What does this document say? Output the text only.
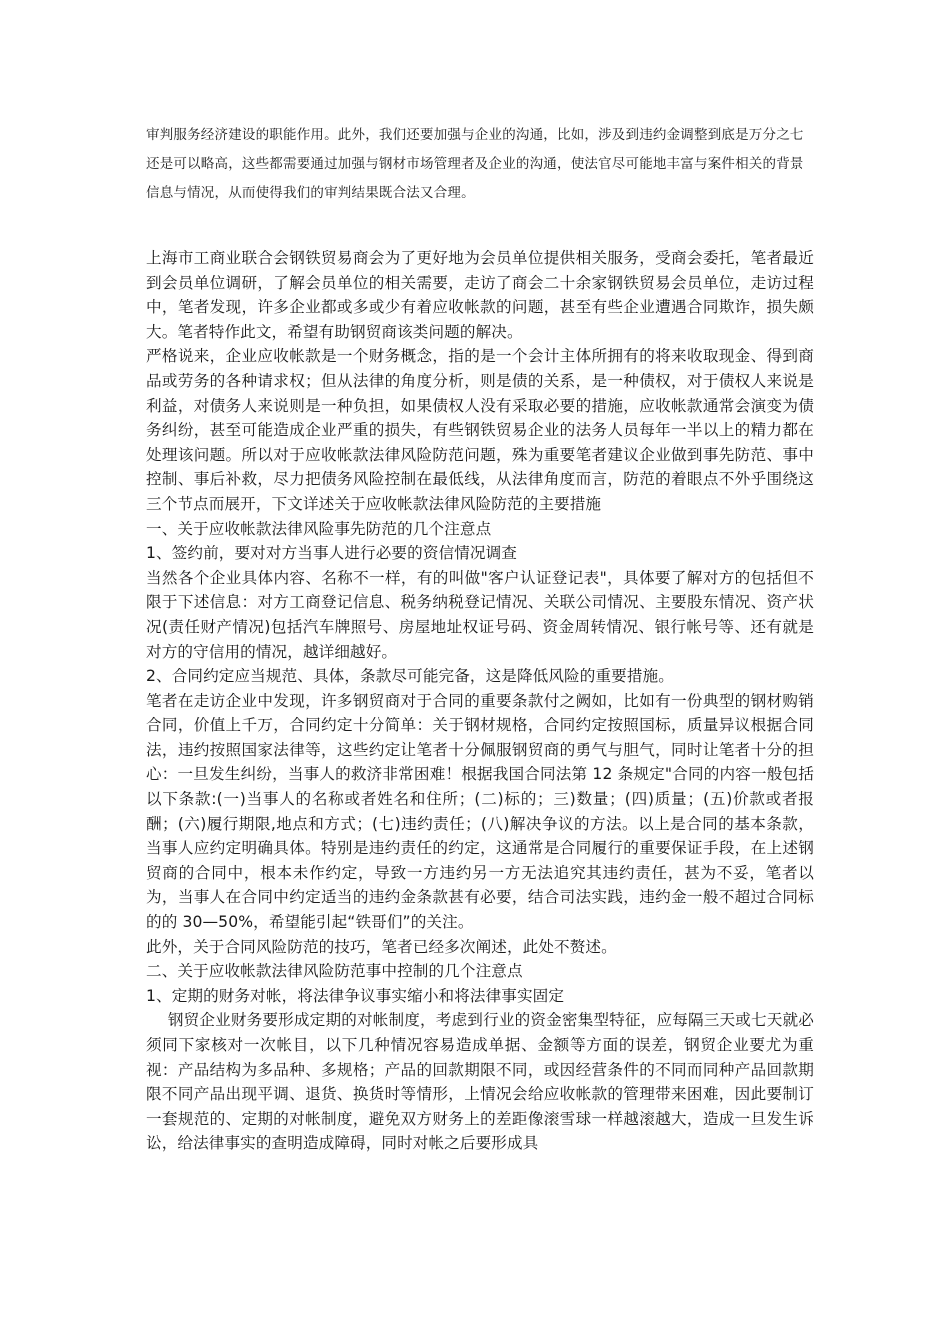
审判服务经济建设的职能作用。此外，我们还要加强与企业的沟通，比如，涉及到违约金调整到底是万分之七还是可以略高，这些都需要通过加强与钢材市场管理者及企业的沟通，使法官尽可能地丰富与案件相关的背景信息与情况，从而使得我们的审判结果既合法又合理。

上海市工商业联合会钢铁贸易商会为了更好地为会员单位提供相关服务，受商会委托，笔者最近到会员单位调研，了解会员单位的相关需要，走访了商会二十余家钢铁贸易会员单位，走访过程中，笔者发现，许多企业都或多或少有着应收帐款的问题，甚至有些企业遭遇合同欺诈，损失颇大。笔者特作此文，希望有助钢贸商该类问题的解决。

严格说来，企业应收帐款是一个财务概念，指的是一个会计主体所拥有的将来收取现金、得到商品或劳务的各种请求权；但从法律的角度分析，则是债的关系，是一种债权，对于债权人来说是利益，对债务人来说则是一种负担，如果债权人没有采取必要的措施，应收帐款通常会演变为债务纠纷，甚至可能造成企业严重的损失，有些钢铁贸易企业的法务人员每年一半以上的精力都在处理该问题。所以对于应收帐款法律风险防范问题，殊为重要笔者建议企业做到事先防范、事中控制、事后补救，尽力把债务风险控制在最低线，从法律角度而言，防范的着眼点不外乎围绕这三个节点而展开，下文详述关于应收帐款法律风险防范的主要措施

一、关于应收帐款法律风险事先防范的几个注意点

1、签约前，要对对方当事人进行必要的资信情况调查

当然各个企业具体内容、名称不一样，有的叫做"客户认证登记表"，具体要了解对方的包括但不限于下述信息：对方工商登记信息、税务纳税登记情况、关联公司情况、主要股东情况、资产状况(责任财产情况)包括汽车牌照号、房屋地址权证号码、资金周转情况、银行帐号等、还有就是对方的守信用的情况，越详细越好。

2、合同约定应当规范、具体，条款尽可能完备，这是降低风险的重要措施。

笔者在走访企业中发现，许多钢贸商对于合同的重要条款付之阙如，比如有一份典型的钢材购销合同，价值上千万，合同约定十分简单：关于钢材规格，合同约定按照国标，质量异议根据合同法，违约按照国家法律等，这些约定让笔者十分佩服钢贸商的勇气与胆气，同时让笔者十分的担心：一旦发生纠纷，当事人的救济非常困难！根据我国合同法第 12 条规定"合同的内容一般包括以下条款:(一)当事人的名称或者姓名和住所；(二)标的；三)数量；(四)质量；(五)价款或者报酬；(六)履行期限,地点和方式；(七)违约责任；(八)解决争议的方法。以上是合同的基本条款，当事人应约定明确具体。特别是违约责任的约定，这通常是合同履行的重要保证手段，在上述钢贸商的合同中，根本未作约定，导致一方违约另一方无法追究其违约责任，甚为不妥，笔者以为，当事人在合同中约定适当的违约金条款甚有必要，结合司法实践，违约金一般不超过合同标的的 30—50%，希望能引起“铁哥们”的关注。

此外，关于合同风险防范的技巧，笔者已经多次阐述，此处不赘述。

二、关于应收帐款法律风险防范事中控制的几个注意点

1、定期的财务对帐，将法律争议事实缩小和将法律事实固定

钢贸企业财务要形成定期的对帐制度，考虑到行业的资金密集型特征，应每隔三天或七天就必须同下家核对一次帐目，以下几种情况容易造成单据、金额等方面的误差，钢贸企业要尤为重视：产品结构为多品种、多规格；产品的回款期限不同，或因经营条件的不同而同种产品回款期限不同产品出现平调、退货、换货时等情形，上情况会给应收帐款的管理带来困难，因此要制订一套规范的、定期的对帐制度，避免双方财务上的差距像滚雪球一样越滚越大，造成一旦发生诉讼，给法律事实的查明造成障碍，同时对帐之后要形成具
